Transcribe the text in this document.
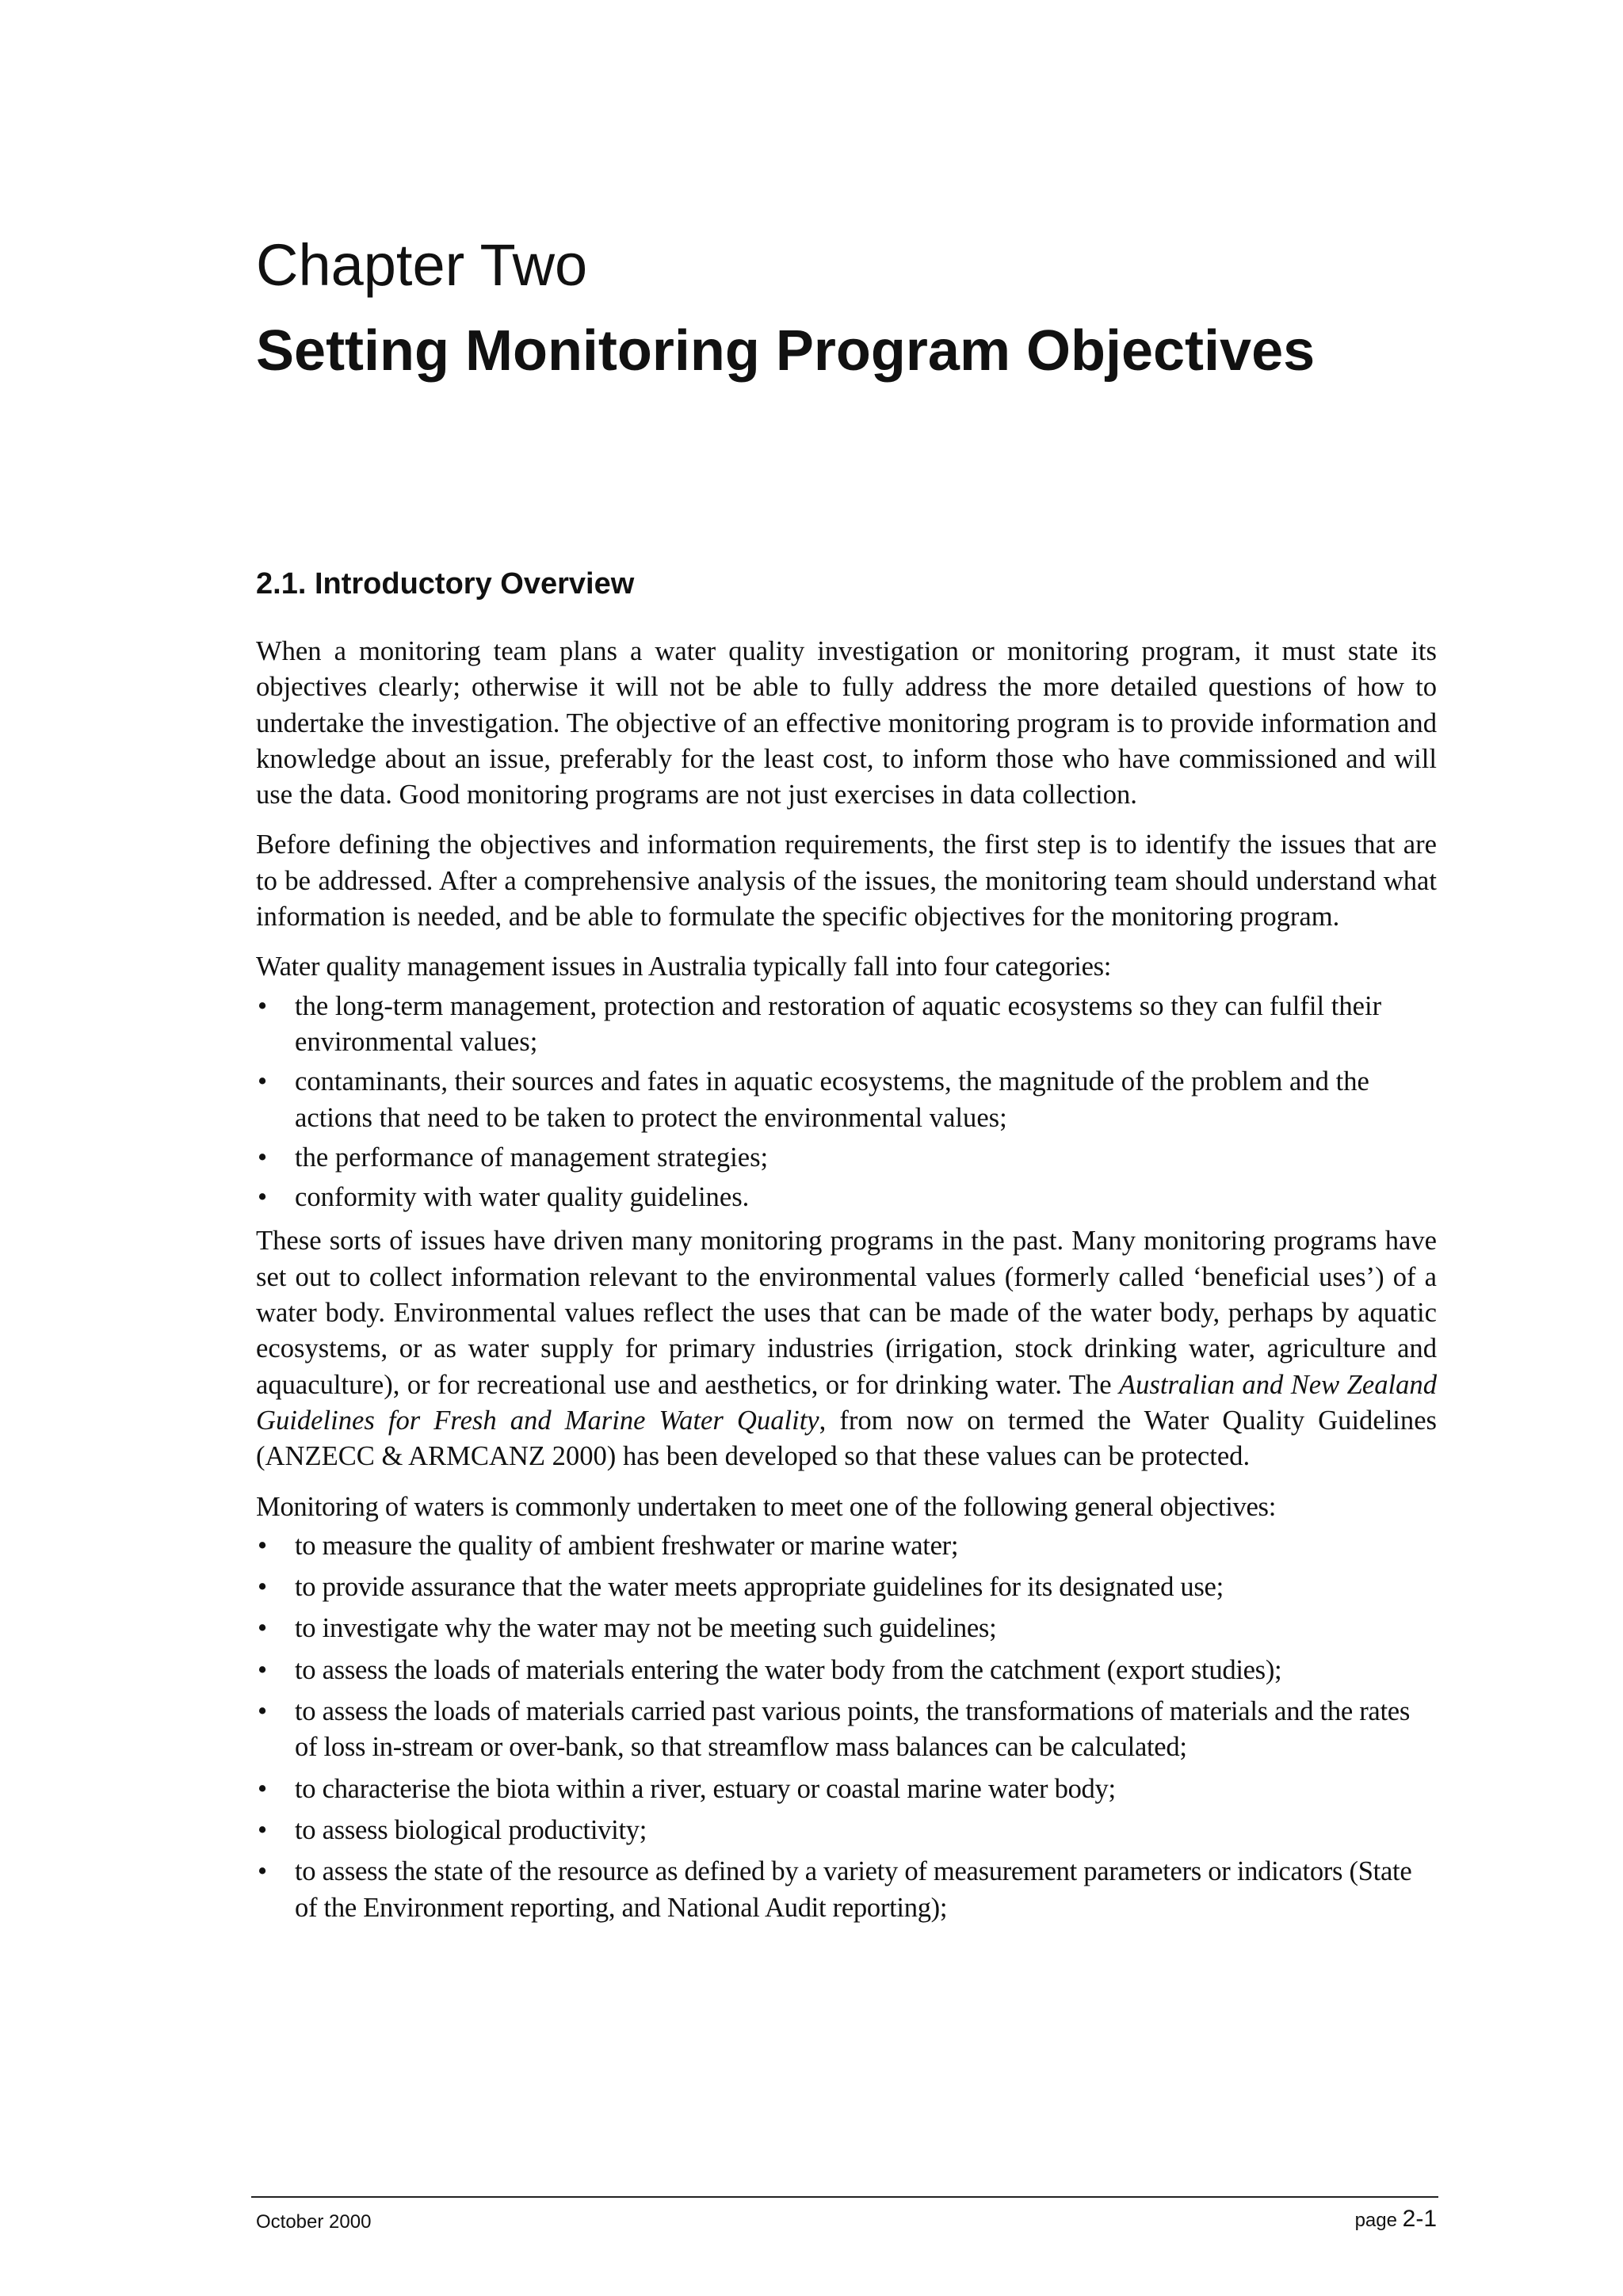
Chapter Two
Setting Monitoring Program Objectives
2.1. Introductory Overview

When a monitoring team plans a water quality investigation or monitoring program, it must state its objectives clearly; otherwise it will not be able to fully address the more detailed questions of how to undertake the investigation. The objective of an effective monitoring program is to provide information and knowledge about an issue, preferably for the least cost, to inform those who have commissioned and will use the data. Good monitoring programs are not just exercises in data collection.

Before defining the objectives and information requirements, the first step is to identify the issues that are to be addressed. After a comprehensive analysis of the issues, the monitoring team should understand what information is needed, and be able to formulate the specific objectives for the monitoring program.

Water quality management issues in Australia typically fall into four categories:

• the long-term management, protection and restoration of aquatic ecosystems so they can fulfil their environmental values;
• contaminants, their sources and fates in aquatic ecosystems, the magnitude of the problem and the actions that need to be taken to protect the environmental values;
• the performance of management strategies;
• conformity with water quality guidelines.

These sorts of issues have driven many monitoring programs in the past. Many monitoring programs have set out to collect information relevant to the environmental values (formerly called ‘beneficial uses’) of a water body. Environmental values reflect the uses that can be made of the water body, perhaps by aquatic ecosystems, or as water supply for primary industries (irrigation, stock drinking water, agriculture and aquaculture), or for recreational use and aesthetics, or for drinking water. The Australian and New Zealand Guidelines for Fresh and Marine Water Quality, from now on termed the Water Quality Guidelines (ANZECC & ARMCANZ 2000) has been developed so that these values can be protected.

Monitoring of waters is commonly undertaken to meet one of the following general objectives:

• to measure the quality of ambient freshwater or marine water;
• to provide assurance that the water meets appropriate guidelines for its designated use;
• to investigate why the water may not be meeting such guidelines;
• to assess the loads of materials entering the water body from the catchment (export studies);
• to assess the loads of materials carried past various points, the transformations of materials and the rates of loss in-stream or over-bank, so that streamflow mass balances can be calculated;
• to characterise the biota within a river, estuary or coastal marine water body;
• to assess biological productivity;
• to assess the state of the resource as defined by a variety of measurement parameters or indicators (State of the Environment reporting, and National Audit reporting);
October 2000	page 2-1
